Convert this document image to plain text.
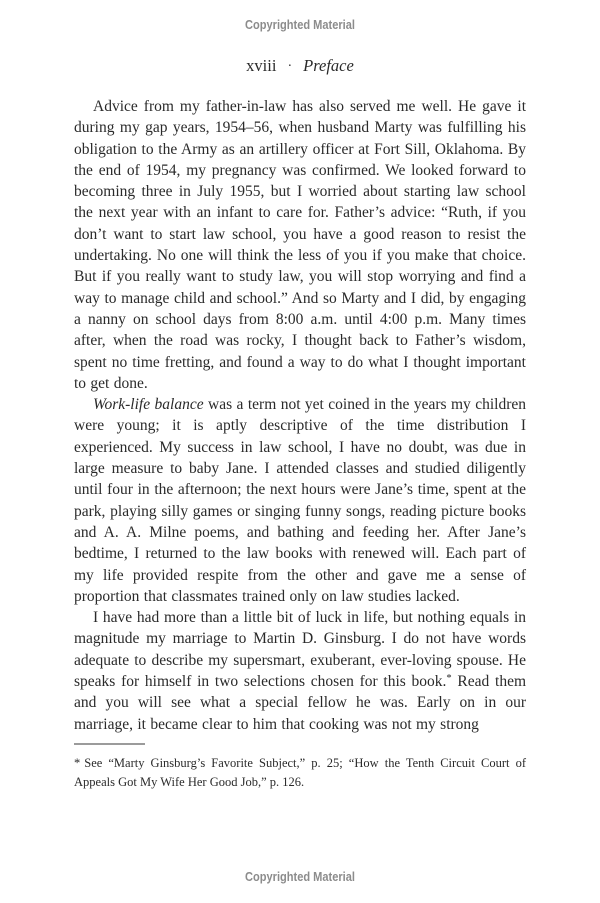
Copyrighted Material
xviii · Preface

Advice from my father-in-law has also served me well. He gave it during my gap years, 1954–56, when husband Marty was fulfilling his obligation to the Army as an artillery officer at Fort Sill, Oklahoma. By the end of 1954, my pregnancy was confirmed. We looked forward to becoming three in July 1955, but I worried about starting law school the next year with an infant to care for. Father’s advice: “Ruth, if you don’t want to start law school, you have a good reason to resist the undertaking. No one will think the less of you if you make that choice. But if you really want to study law, you will stop worrying and find a way to manage child and school.” And so Marty and I did, by engaging a nanny on school days from 8:00 a.m. until 4:00 p.m. Many times after, when the road was rocky, I thought back to Father’s wisdom, spent no time fretting, and found a way to do what I thought important to get done.

Work-life balance was a term not yet coined in the years my children were young; it is aptly descriptive of the time distribution I experienced. My success in law school, I have no doubt, was due in large measure to baby Jane. I attended classes and studied diligently until four in the afternoon; the next hours were Jane’s time, spent at the park, playing silly games or singing funny songs, reading picture books and A. A. Milne poems, and bathing and feeding her. After Jane’s bedtime, I returned to the law books with renewed will. Each part of my life provided respite from the other and gave me a sense of proportion that classmates trained only on law studies lacked.

I have had more than a little bit of luck in life, but nothing equals in magnitude my marriage to Martin D. Ginsburg. I do not have words adequate to describe my supersmart, exuberant, ever-loving spouse. He speaks for himself in two selections chosen for this book.* Read them and you will see what a special fellow he was. Early on in our marriage, it became clear to him that cooking was not my strong

* See “Marty Ginsburg’s Favorite Subject,” p. 25; “How the Tenth Circuit Court of Appeals Got My Wife Her Good Job,” p. 126.

Copyrighted Material
